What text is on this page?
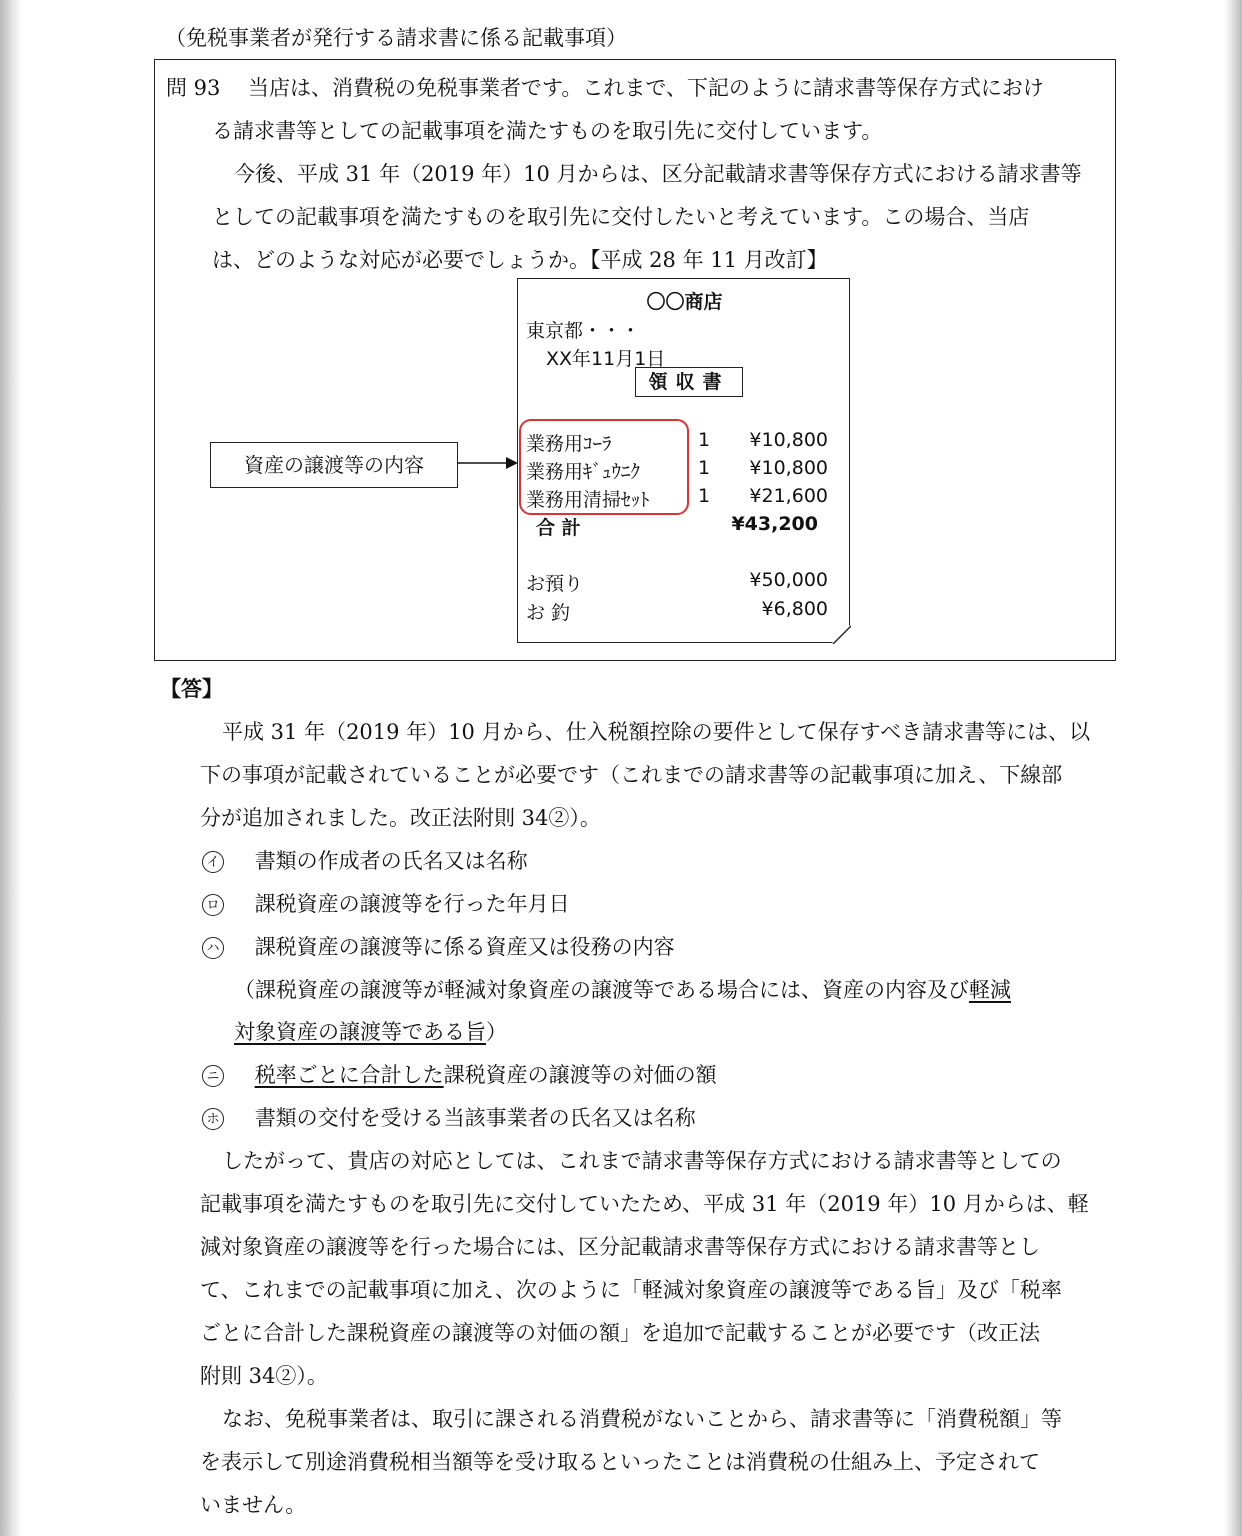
（免税事業者が発行する請求書に係る記載事項）
問 93 当店は、消費税の免税事業者です。これまで、下記のように請求書等保存方式におけ
る請求書等としての記載事項を満たすものを取引先に交付しています。
今後、平成 31 年（2019 年）10 月からは、区分記載請求書等保存方式における請求書等
としての記載事項を満たすものを取引先に交付したいと考えています。この場合、当店
は、どのような対応が必要でしょうか。【平成 28 年 11 月改訂】
〇〇商店
東京都・・・
XX年11月1日
領収書
業務用ｺｰﾗ	1	¥10,800
業務用ｷﾞｭｳﾆｸ	1	¥10,800
業務用清掃ｾｯﾄ	1	¥21,600
合 計	¥43,200
お預り	¥50,000
お 釣	¥6,800
資産の譲渡等の内容
【答】
平成 31 年（2019 年）10 月から、仕入税額控除の要件として保存すべき請求書等には、以
下の事項が記載されていることが必要です（これまでの請求書等の記載事項に加え、下線部
分が追加されました。改正法附則 34②）。
イ 書類の作成者の氏名又は名称
ロ 課税資産の譲渡等を行った年月日
ハ 課税資産の譲渡等に係る資産又は役務の内容
（課税資産の譲渡等が軽減対象資産の譲渡等である場合には、資産の内容及び軽減
対象資産の譲渡等である旨）
ニ 税率ごとに合計した課税資産の譲渡等の対価の額
ホ 書類の交付を受ける当該事業者の氏名又は名称
したがって、貴店の対応としては、これまで請求書等保存方式における請求書等としての
記載事項を満たすものを取引先に交付していたため、平成 31 年（2019 年）10 月からは、軽
減対象資産の譲渡等を行った場合には、区分記載請求書等保存方式における請求書等とし
て、これまでの記載事項に加え、次のように「軽減対象資産の譲渡等である旨」及び「税率
ごとに合計した課税資産の譲渡等の対価の額」を追加で記載することが必要です（改正法
附則 34②）。
なお、免税事業者は、取引に課される消費税がないことから、請求書等に「消費税額」等
を表示して別途消費税相当額等を受け取るといったことは消費税の仕組み上、予定されて
いません。
